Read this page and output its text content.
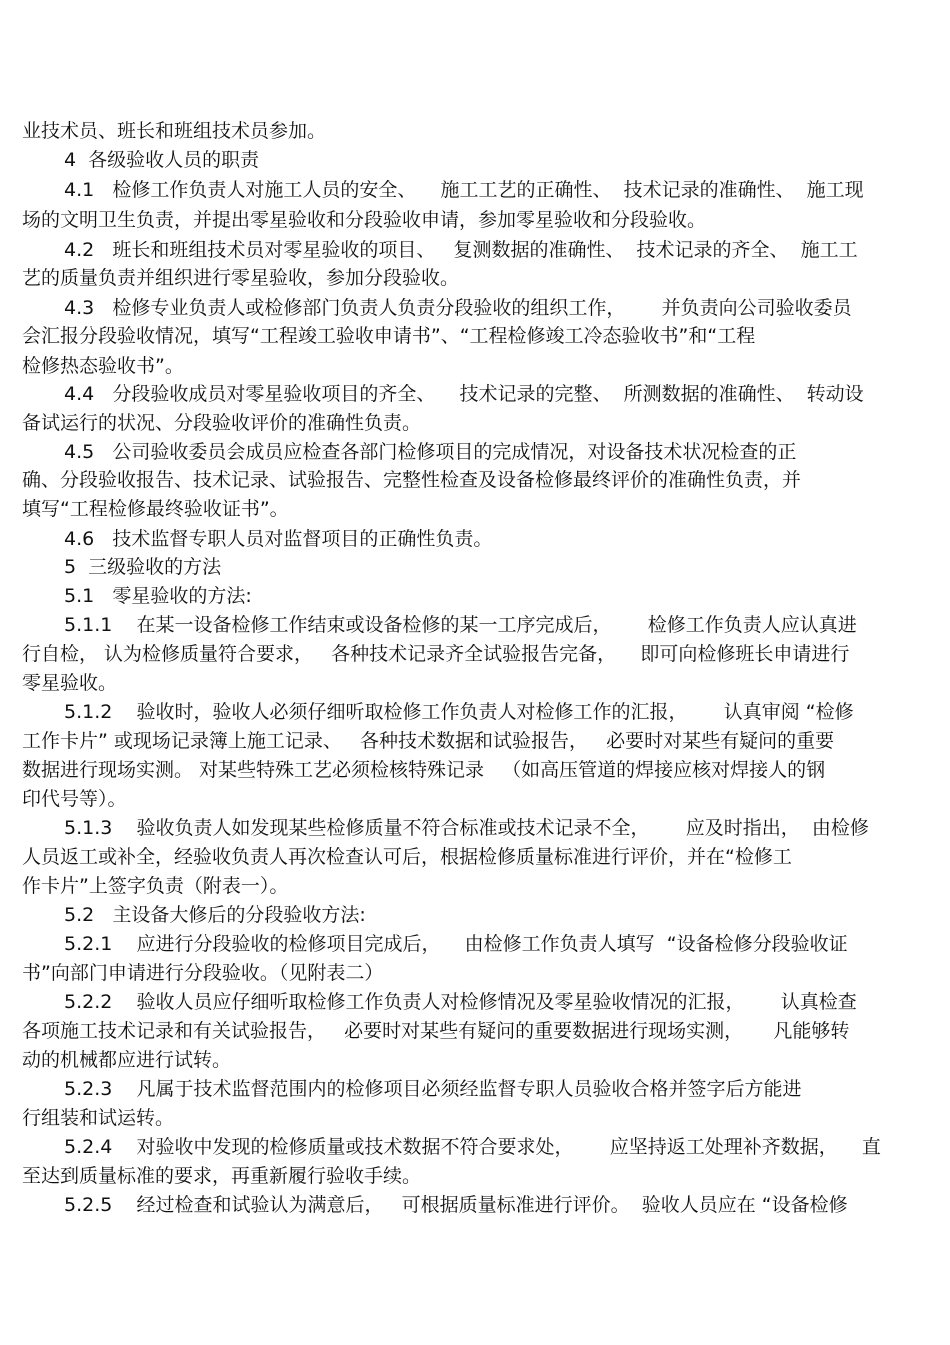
业技术员、班长和班组技术员参加。
4  各级验收人员的职责
4.1   检修工作负责人对施工人员的安全、    施工工艺的正确性、  技术记录的准确性、  施工现
场的文明卫生负责，并提出零星验收和分段验收申请，参加零星验收和分段验收。
4.2   班长和班组技术员对零星验收的项目、   复测数据的准确性、  技术记录的齐全、  施工工
艺的质量负责并组织进行零星验收，参加分段验收。
4.3   检修专业负责人或检修部门负责人负责分段验收的组织工作，      并负责向公司验收委员
会汇报分段验收情况，填写“工程竣工验收申请书”、“工程检修竣工冷态验收书”和“工程
检修热态验收书”。
4.4   分段验收成员对零星验收项目的齐全、    技术记录的完整、  所测数据的准确性、  转动设
备试运行的状况、分段验收评价的准确性负责。
4.5   公司验收委员会成员应检查各部门检修项目的完成情况，对设备技术状况检查的正
确、分段验收报告、技术记录、试验报告、完整性检查及设备检修最终评价的准确性负责，并
填写“工程检修最终验收证书”。
4.6   技术监督专职人员对监督项目的正确性负责。
5  三级验收的方法
5.1   零星验收的方法:
5.1.1    在某一设备检修工作结束或设备检修的某一工序完成后，      检修工作负责人应认真进
行自检， 认为检修质量符合要求，   各种技术记录齐全试验报告完备，    即可向检修班长申请进行
零星验收。
5.1.2    验收时，验收人必须仔细听取检修工作负责人对检修工作的汇报，      认真审阅 “检修
工作卡片” 或现场记录簿上施工记录、   各种技术数据和试验报告，   必要时对某些有疑问的重要
数据进行现场实测。 对某些特殊工艺必须检核特殊记录   （如高压管道的焊接应核对焊接人的钢
印代号等）。
5.1.3    验收负责人如发现某些检修质量不符合标准或技术记录不全，      应及时指出，  由检修
人员返工或补全，经验收负责人再次检查认可后，根据检修质量标准进行评价，并在“检修工
作卡片”上签字负责（附表一）。
5.2   主设备大修后的分段验收方法:
5.2.1    应进行分段验收的检修项目完成后，    由检修工作负责人填写  “设备检修分段验收证
书”向部门申请进行分段验收。（见附表二）
5.2.2    验收人员应仔细听取检修工作负责人对检修情况及零星验收情况的汇报，      认真检查
各项施工技术记录和有关试验报告，   必要时对某些有疑问的重要数据进行现场实测，     凡能够转
动的机械都应进行试转。
5.2.3    凡属于技术监督范围内的检修项目必须经监督专职人员验收合格并签字后方能进
行组装和试运转。
5.2.4    对验收中发现的检修质量或技术数据不符合要求处，      应坚持返工处理补齐数据，    直
至达到质量标准的要求，再重新履行验收手续。
5.2.5    经过检查和试验认为满意后，   可根据质量标准进行评价。  验收人员应在 “设备检修
